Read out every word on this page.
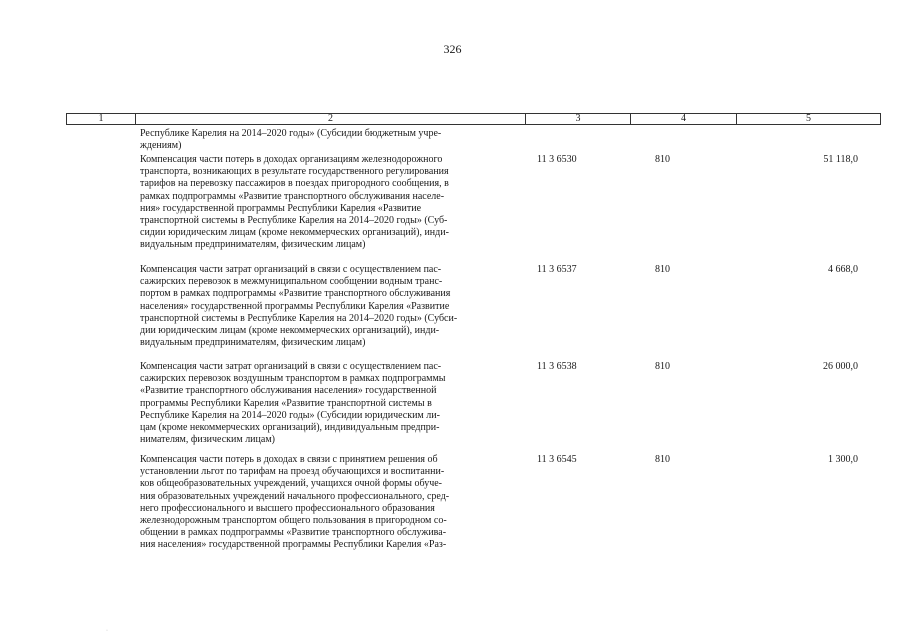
326
1	2	3	4	5
Республике Карелия на 2014–2020 годы» (Субсидии бюджетным учре-
ждениям)
Компенсация части потерь в доходах организациям железнодорожного
транспорта, возникающих в результате государственного регулирования
тарифов на перевозку пассажиров в поездах пригородного сообщения, в
рамках подпрограммы «Развитие транспортного обслуживания населе-
ния» государственной программы Республики Карелия «Развитие
транспортной системы в Республике Карелия на 2014–2020 годы» (Суб-
сидии юридическим лицам (кроме некоммерческих организаций), инди-
видуальным предпринимателям, физическим лицам)
11 3 6530	810	51 118,0
Компенсация части затрат организаций в связи с осуществлением пас-
сажирских перевозок в межмуниципальном сообщении водным транс-
портом в рамках подпрограммы «Развитие транспортного обслуживания
населения» государственной программы Республики Карелия «Развитие
транспортной системы в Республике Карелия на 2014–2020 годы» (Субси-
дии юридическим лицам (кроме некоммерческих организаций), инди-
видуальным предпринимателям, физическим лицам)
11 3 6537	810	4 668,0
Компенсация части затрат организаций в связи с осуществлением пас-
сажирских перевозок воздушным транспортом в рамках подпрограммы
«Развитие транспортного обслуживания населения» государственной
программы Республики Карелия «Развитие транспортной системы в
Республике Карелия на 2014–2020 годы» (Субсидии юридическим ли-
цам (кроме некоммерческих организаций), индивидуальным предпри-
нимателям, физическим лицам)
11 3 6538	810	26 000,0
Компенсация части потерь в доходах в связи с принятием решения об
установлении льгот по тарифам на проезд обучающихся и воспитанни-
ков общеобразовательных учреждений, учащихся очной формы обуче-
ния образовательных учреждений начального профессионального, сред-
него профессионального и высшего профессионального образования
железнодорожным транспортом общего пользования в пригородном со-
общении в рамках подпрограммы «Развитие транспортного обслужива-
ния населения» государственной программы Республики Карелия «Раз-
11 3 6545	810	1 300,0
·
